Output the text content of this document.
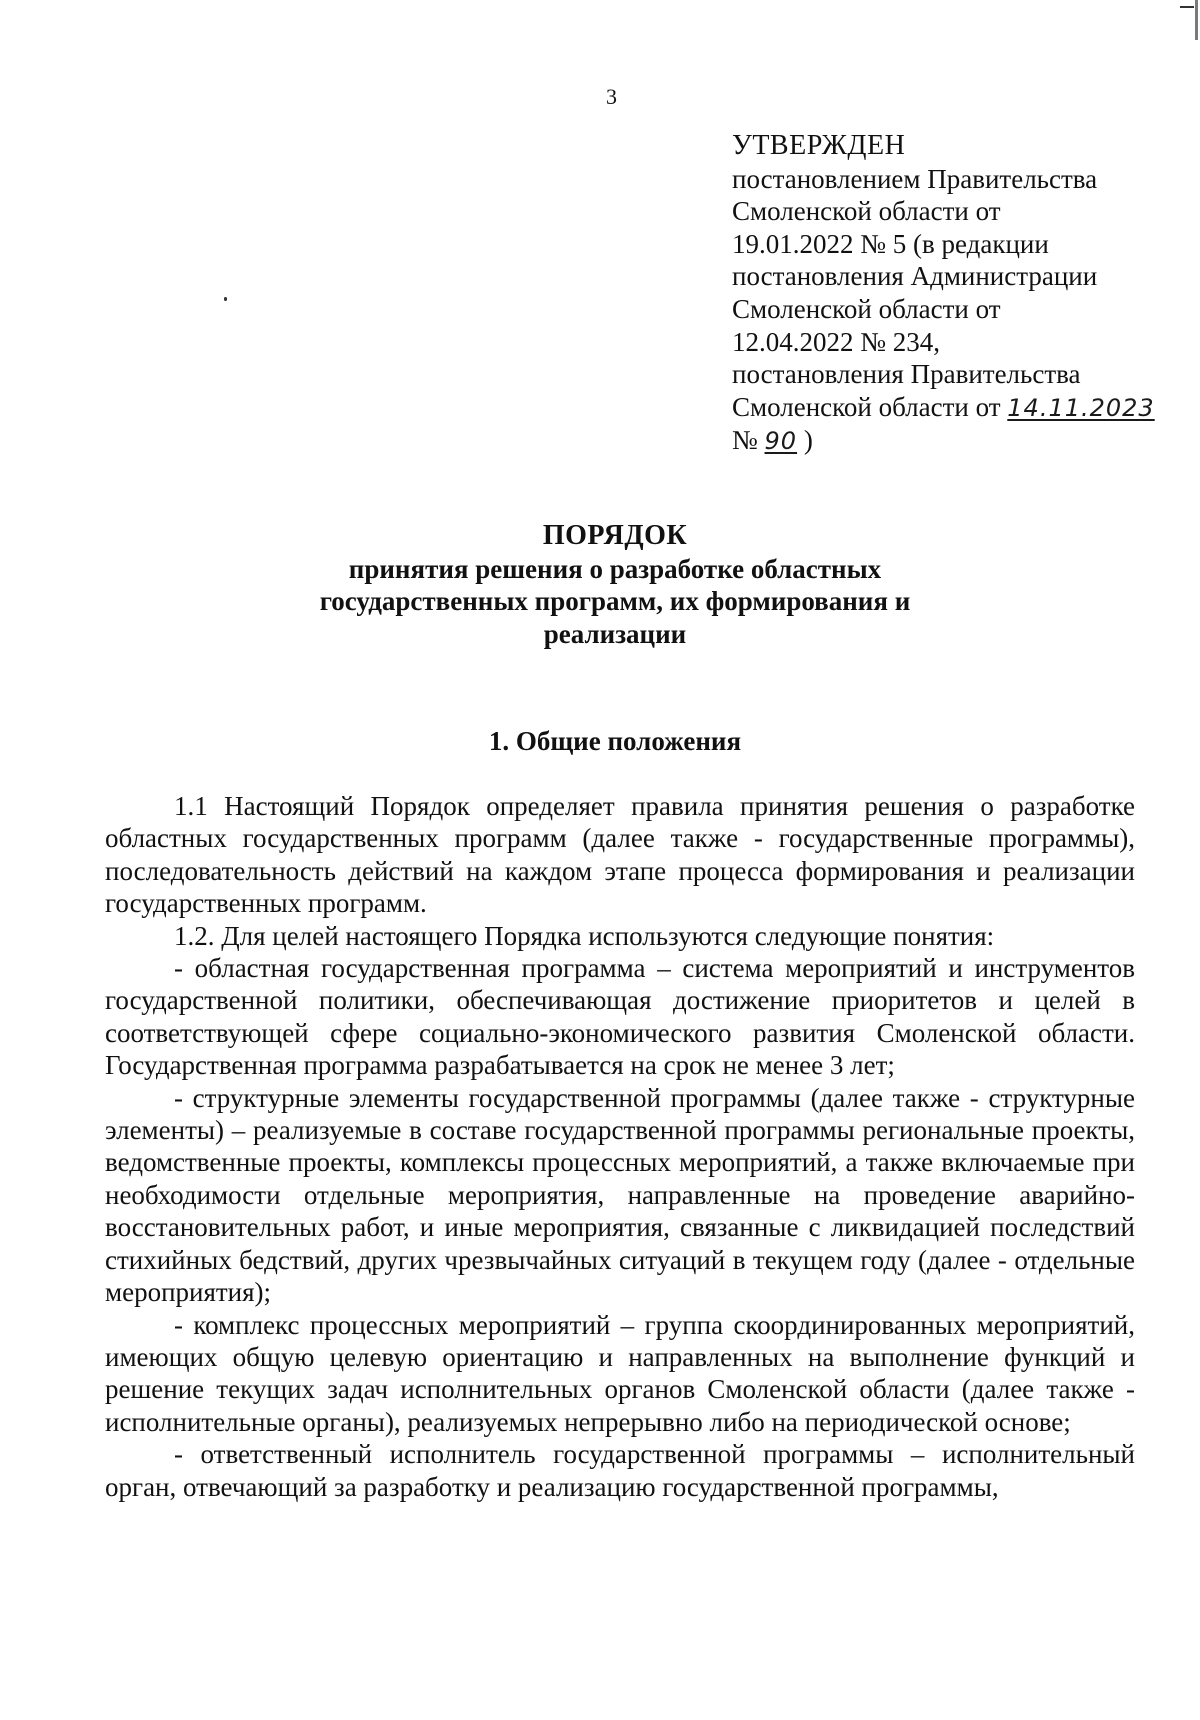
3
УТВЕРЖДЕН
постановлением Правительства
Смоленской области от
19.01.2022 № 5 (в редакции
постановления Администрации
Смоленской области от
12.04.2022 № 234,
постановления Правительства
Смоленской области от 14.11.2023
№ 90 )
ПОРЯДОК
принятия решения о разработке областных
государственных программ, их формирования и
реализации
1. Общие положения

1.1 Настоящий Порядок определяет правила принятия решения о разработке областных государственных программ (далее также - государственные программы), последовательность действий на каждом этапе процесса формирования и реализации государственных программ.

1.2. Для целей настоящего Порядка используются следующие понятия:

- областная государственная программа – система мероприятий и инструментов государственной политики, обеспечивающая достижение приоритетов и целей в соответствующей сфере социально-экономического развития Смоленской области. Государственная программа разрабатывается на срок не менее 3 лет;

- структурные элементы государственной программы (далее также - структурные элементы) – реализуемые в составе государственной программы региональные проекты, ведомственные проекты, комплексы процессных мероприятий, а также включаемые при необходимости отдельные мероприятия, направленные на проведение аварийно-восстановительных работ, и иные мероприятия, связанные с ликвидацией последствий стихийных бедствий, других чрезвычайных ситуаций в текущем году (далее - отдельные мероприятия);

- комплекс процессных мероприятий – группа скоординированных мероприятий, имеющих общую целевую ориентацию и направленных на выполнение функций и решение текущих задач исполнительных органов Смоленской области (далее также - исполнительные органы), реализуемых непрерывно либо на периодической основе;

- ответственный исполнитель государственной программы – исполнительный орган, отвечающий за разработку и реализацию государственной программы,
